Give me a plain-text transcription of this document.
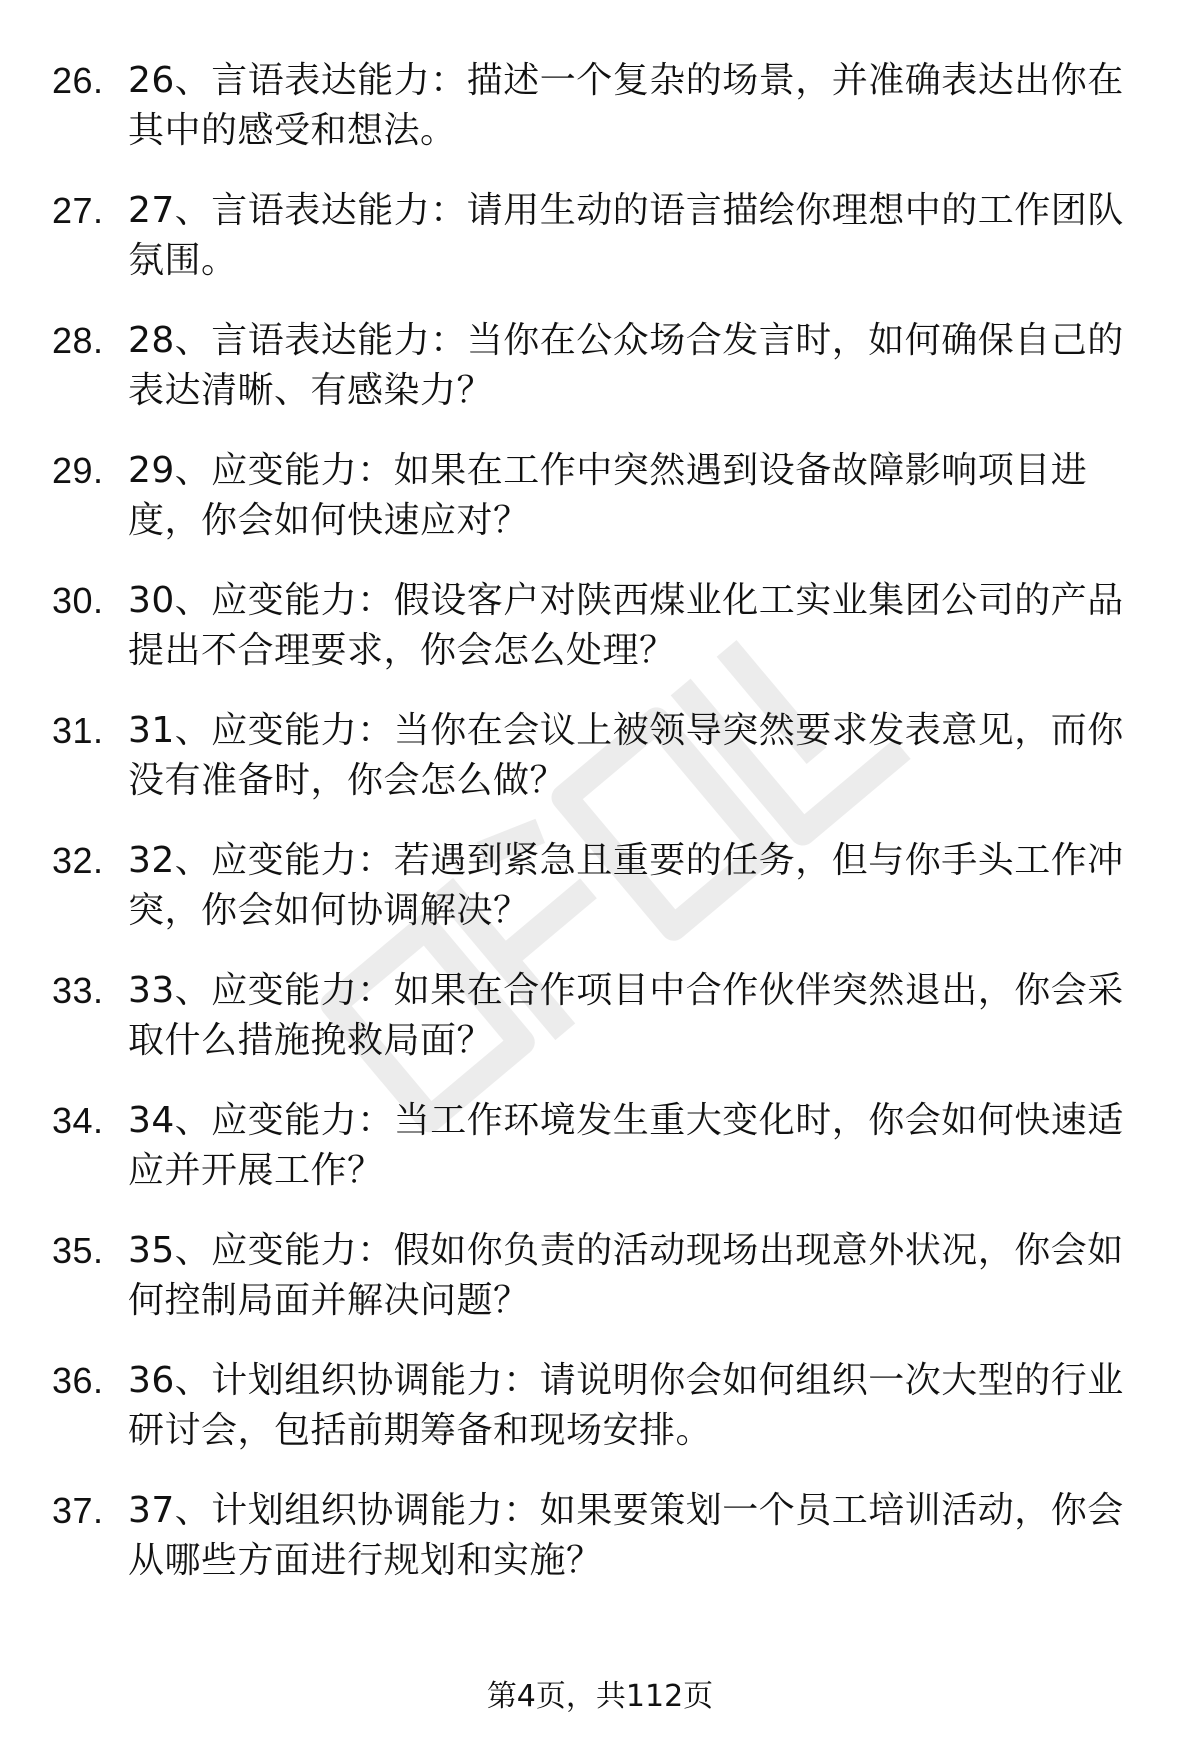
26. 26、言语表达能力：描述一个复杂的场景，并准确表达出你在其中的感受和想法。
27. 27、言语表达能力：请用生动的语言描绘你理想中的工作团队氛围。
28. 28、言语表达能力：当你在公众场合发言时，如何确保自己的表达清晰、有感染力？
29. 29、应变能力：如果在工作中突然遇到设备故障影响项目进度，你会如何快速应对？
30. 30、应变能力：假设客户对陕西煤业化工实业集团公司的产品提出不合理要求，你会怎么处理？
31. 31、应变能力：当你在会议上被领导突然要求发表意见，而你没有准备时，你会怎么做？
32. 32、应变能力：若遇到紧急且重要的任务，但与你手头工作冲突，你会如何协调解决？
33. 33、应变能力：如果在合作项目中合作伙伴突然退出，你会采取什么措施挽救局面？
34. 34、应变能力：当工作环境发生重大变化时，你会如何快速适应并开展工作？
35. 35、应变能力：假如你负责的活动现场出现意外状况，你会如何控制局面并解决问题？
36. 36、计划组织协调能力：请说明你会如何组织一次大型的行业研讨会，包括前期筹备和现场安排。
37. 37、计划组织协调能力：如果要策划一个员工培训活动，你会从哪些方面进行规划和实施？
第4页，共112页
